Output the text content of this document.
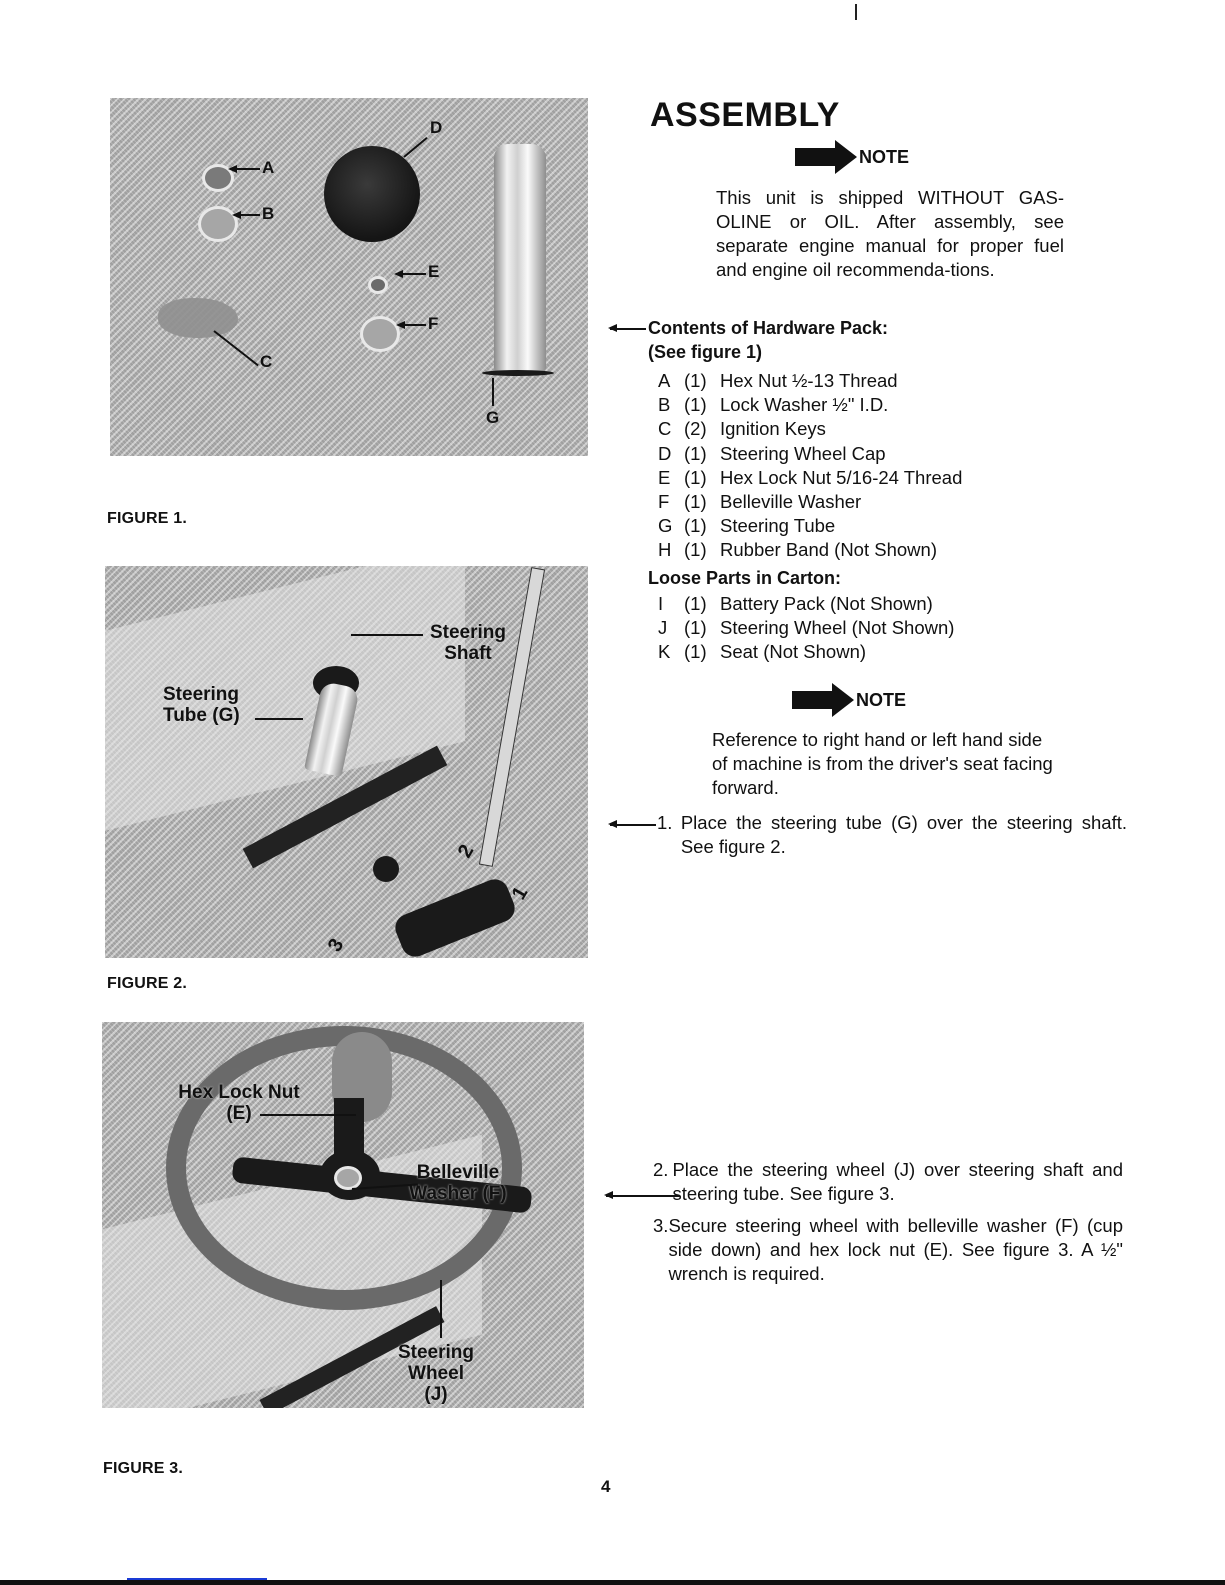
A
B
C
D
E
F
G
FIGURE 1.
Steering Shaft
Steering Tube (G)
2
1
3
FIGURE 2.
Hex Lock Nut (E)
Belleville Washer (F)
Steering Wheel (J)
FIGURE 3.
ASSEMBLY
NOTE
This unit is shipped WITHOUT GAS-OLINE or OIL. After assembly, see separate engine manual for proper fuel and engine oil recommenda-tions.
Contents of Hardware Pack:
(See figure 1)
A (1) Hex Nut ½-13 Thread
B (1) Lock Washer ½" I.D.
C (2) Ignition Keys
D (1) Steering Wheel Cap
E (1) Hex Lock Nut 5/16-24 Thread
F (1) Belleville Washer
G (1) Steering Tube
H (1) Rubber Band (Not Shown)
Loose Parts in Carton:
I	(1) Battery Pack (Not Shown)
J (1) Steering Wheel (Not Shown)
K (1) Seat (Not Shown)
NOTE
Reference to right hand or left hand side of machine is from the driver's seat facing forward.
1. Place the steering tube (G) over the steering shaft. See figure 2.
2. Place the steering wheel (J) over steering shaft and steering tube. See figure 3.
3. Secure steering wheel with belleville washer (F) (cup side down) and hex lock nut (E). See figure 3. A ½" wrench is required.
4
